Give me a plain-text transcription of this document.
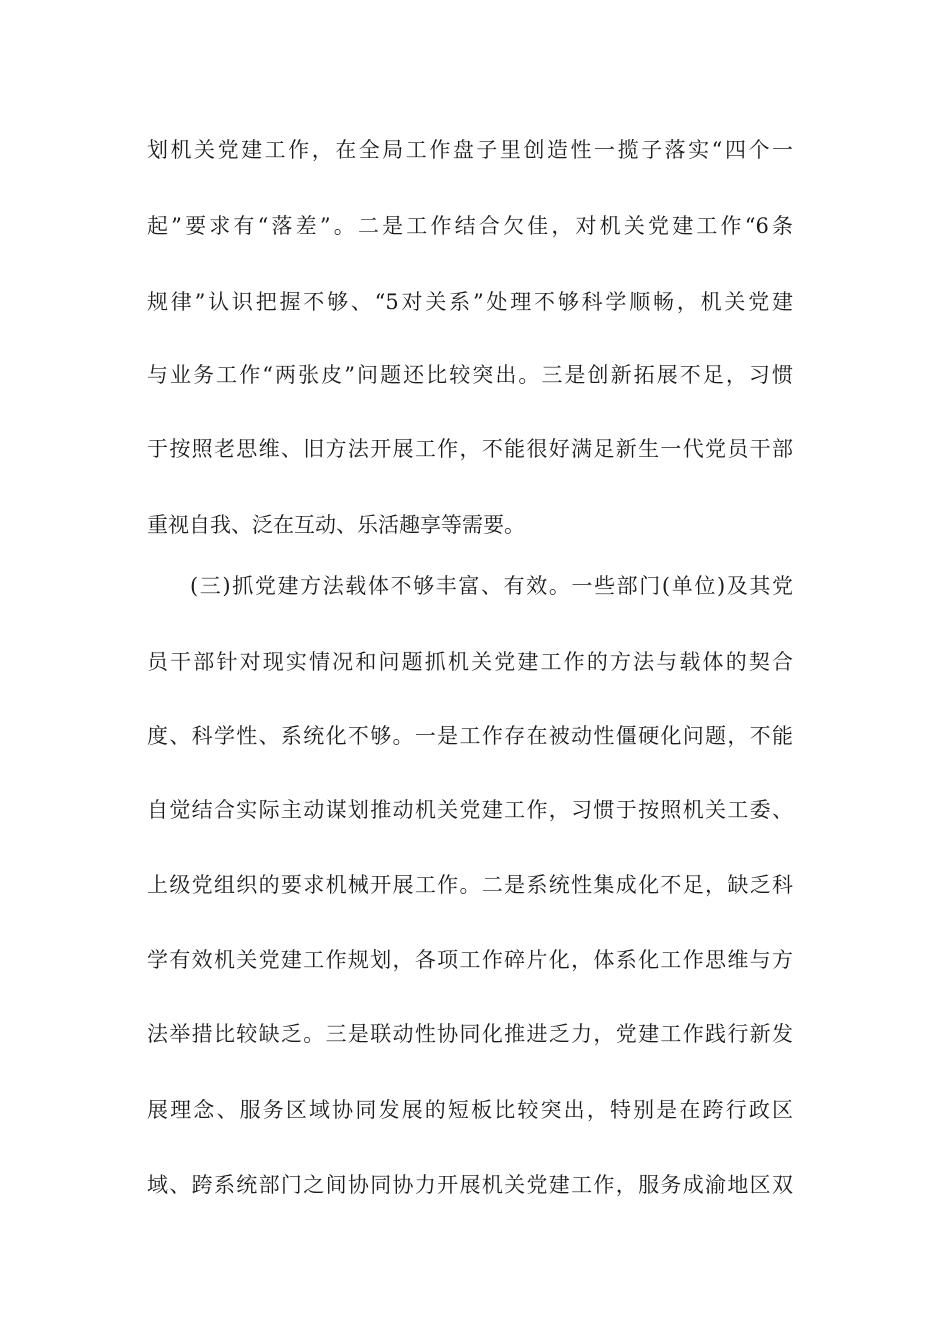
划机关党建工作，在全局工作盘子里创造性一揽子落实“四个一
起”要求有“落差”。二是工作结合欠佳，对机关党建工作“6条
规律”认识把握不够、“5对关系”处理不够科学顺畅，机关党建
与业务工作“两张皮”问题还比较突出。三是创新拓展不足，习惯
于按照老思维、旧方法开展工作，不能很好满足新生一代党员干部
重视自我、泛在互动、乐活趣享等需要。
(三)抓党建方法载体不够丰富、有效。一些部门(单位)及其党
员干部针对现实情况和问题抓机关党建工作的方法与载体的契合
度、科学性、系统化不够。一是工作存在被动性僵硬化问题，不能
自觉结合实际主动谋划推动机关党建工作，习惯于按照机关工委、
上级党组织的要求机械开展工作。二是系统性集成化不足，缺乏科
学有效机关党建工作规划，各项工作碎片化，体系化工作思维与方
法举措比较缺乏。三是联动性协同化推进乏力，党建工作践行新发
展理念、服务区域协同发展的短板比较突出，特别是在跨行政区
域、跨系统部门之间协同协力开展机关党建工作，服务成渝地区双
